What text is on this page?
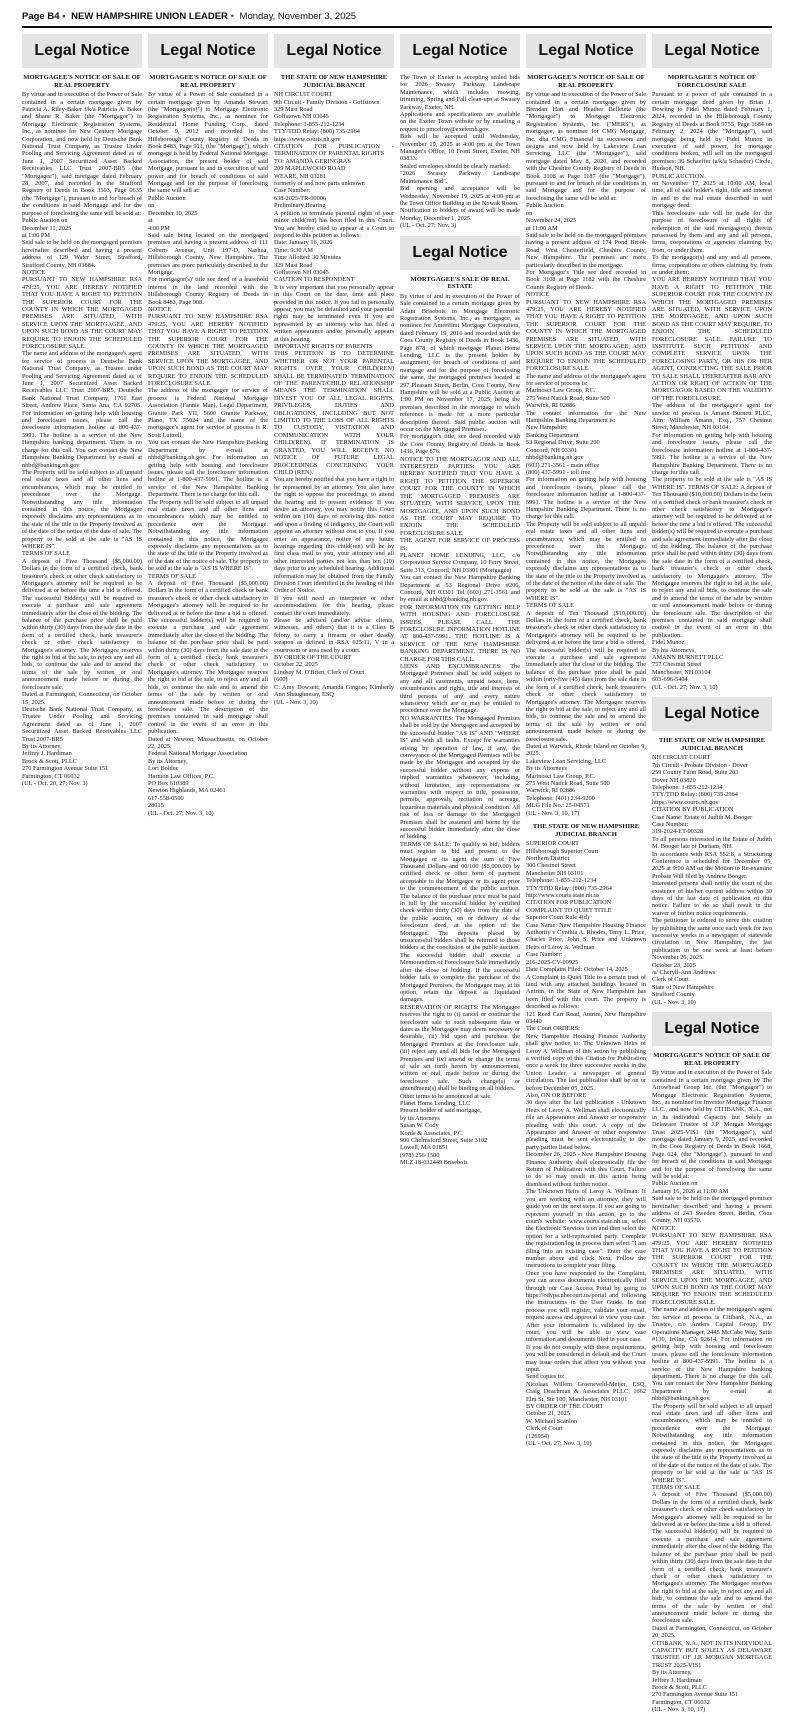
Page B4 ▪ NEW HAMPSHIRE UNION LEADER • Monday, November 3, 2025
Legal Notice
MORTGAGEE'S NOTICE OF SALE OF REAL PROPERTY
By virtue and in execution of the Power of Sale contained in a certain mortgage given by Patricia A. Riley-Baker f/k/a Patricia A. Baker and Shane R. Baker (the "Mortgagor") to Mortgage Electronic Registration Systems, Inc., as nominee for New Century Mortgage Corporation, and now held by Deutsche Bank National Trust Company, as Trustee Under Pooling and Servicing Agreement dated as of June 1, 2007 Securitized Asset Backed Receivables LLC Trust 2007-BR5 (the "Mortgagee"), said mortgage dated February 28, 2007, and recorded in the Strafford Registry of Deeds in Book 3503, Page 0635 (the "Mortgage"), pursuant to and for breach of the conditions in said Mortgage and for the purpose of foreclosing the same will be sold at:
Public Auction on
December 11, 2025
at 1:00 PM
Said sale to be held on the mortgaged premises hereinafter described and having a present address of 129 Water Street, Strafford, Strafford County, NH 03884.
NOTICE
PURSUANT TO NEW HAMPSHIRE RSA 479:25, YOU ARE HEREBY NOTIFIED THAT YOU HAVE A RIGHT TO PETITION THE SUPERIOR COURT FOR THE COUNTY IN WHICH THE MORTGAGED PREMISES ARE SITUATED, WITH SERVICE UPON THE MORTGAGEE, AND UPON SUCH BOND AS THE COURT MAY REQUIRE TO ENJOIN THE SCHEDULED FORECLOSURE SALE.
The name and address of the mortgagee's agent for service of process is Deutsche Bank National Trust Company, as Trustee under Pooling and Servicing Agreement dated as of June 1, 2007 Securitized Asset Backed Receivables LLC Trust 2007-BR5, Deutsche Bank National Trust Company, 1761 East Street, Andrew Place, Santa Ana, CA 92705. For information on getting help with housing and foreclosure issues, please call the foreclosure information hotline at 800-437-5991. The hotline is a service of the New Hampshire banking department. There is no charge for this call. You can contact the New Hampshire Banking Department by e-mail at nhbd@banking.nh.gov.
The Property will be sold subject to all unpaid real estate taxes and all other liens and encumbrances, which may be entitled to precedence over the Mortgage. Notwithstanding any title information contained in this notice, the Mortgagee expressly disclaims any representations as to the state of the title to the Property involved as of the date of the notice of the date of sale. The property to be sold at the sale is "AS IS WHERE IS".
TERMS OF SALE
A deposit of Five Thousand ($5,000.00) Dollars in the form of a certified check, bank treasurer's check or other check satisfactory to Mortgagee's attorney will be required to be delivered at or before the time a bid is offered. The successful bidder(s) will be required to execute a purchase and sale agreement immediately after the close of the bidding. The balance of the purchase price shall be paid within thirty (30) days from the sale date in the form of a certified check, bank treasurer's check or other check satisfactory to Mortgagee's attorney. The Mortgagee reserves the right to bid at the sale, to reject any and all bids, to continue the sale and to amend the terms of the sale by written or oral announcement made before or during the foreclosure sale.
Dated at Farmington, Connecticut, on October 15, 2025.
Deutsche Bank National Trust Company, as Trustee Under Pooling and Servicing Agreement dated as of June 1, 2007 Securitized Asset Backed Receivables LLC Trust 2007-BR5
By its Attorney,
Jeffrey J. Hardiman
Brock & Scott, PLLC
270 Farmington Avenue Suite 151
Farmington, CT 06032
(UL - Oct. 20, 27; Nov. 3)
Legal Notice
MORTGAGEE'S NOTICE OF SALE OF REAL PROPERTY
By virtue of a Power of Sale contained in a certain mortgage given by Amanda Stewart (the "Mortgagor(s)") to Mortgage Electronic Registration Systems, Inc., as nominee for Residential Home Funding Corp., dated October 9, 2012 and recorded in the Hillsborough County Registry of Deeds in Book 8483, Page 911, (the "Mortgage"), which mortgage is held by Federal National Mortgage Association, the present holder of said Mortgage, pursuant to and in execution of said power and for breach of conditions of said Mortgage and for the purpose of foreclosing the same will sell at:
Public Auction
on
December 10, 2025
at
4:00 PM
Said sale being located on the mortgaged premises and having a present address of 111 Coburn Avenue, Unit 197-D, Nashua, Hillsborough County, New Hampshire. The premises are more particularly described in the Mortgage.
For mortgagor(s)' title see deed of a leasehold interest in the land recorded with the Hillsborough County Registry of Deeds in Book 8483, Page 908.
NOTICE
PURSUANT TO NEW HAMPSHIRE RSA 479:25, YOU ARE HEREBY NOTIFIED THAT YOU HAVE A RIGHT TO PETITION THE SUPERIOR COURT FOR THE COUNTY IN WHICH THE MORTGAGED PREMISES ARE SITUATED, WITH SERVICE UPON THE MORTGAGEE, AND UPON SUCH BOND AS THE COURT MAY REQUIRE TO ENJOIN THE SCHEDULED FORECLOSURE SALE.
The address of the mortgagee for service of process is Federal National Mortgage Association (Fannie Mae), Legal Department, Granite Park VII, 5600 Granite Parkway, Plano, TX 75024 and the name of the mortgagee's agent for service of process is R. Scott Luttrell.
You can contact the New Hampshire Banking Department by e-mail at nhbd@banking.nh.gov. For information on getting help with housing and foreclosure issues, please call the foreclosure information hotline at 1-800-437-5991. The hotline is a service of the New Hampshire Banking Department. There is no charge for this call.
The Property will be sold subject to all unpaid real estate taxes and all other liens and encumbrances which may be entitled to precedence over the Mortgage. Notwithstanding any title information contained in this notice, the Mortgagee expressly disclaims any representations as to the state of the title to the Property involved as of the date of the notice of sale. The property to be sold at the sale is "AS IS WHERE IS".
TERMS OF SALE
A deposit of Five Thousand ($5,000.00) Dollars in the form of a certified check or bank treasurer's check or other check satisfactory to Mortgagee's attorney will be required to be delivered at or before the time a bid is offered. The successful bidder(s) will be required to execute a purchase and sale agreement immediately after the close of the bidding. The balance of the purchase price shall be paid within thirty (30) days from the sale date in the form of a certified check, bank treasurer's check or other check satisfactory to Mortgagee's attorney. The Mortgagee reserves the right to bid at the sale, to reject any and all bids, to continue the sale and to amend the terms of the sale by written or oral announcement made before or during the foreclosure sale. The description of the premises contained in said mortgage shall control in the event of an error in this publication.
Dated at Newton, Massachusetts, on October 22, 2025.
Federal National Mortgage Association
By its Attorney,
Lori Bolduc
Harmon Law Offices, P.C.
PO Box 610389
Newton Highlands, MA 02461
617-558-0500
28015
(UL - Oct. 27; Nov. 3, 10)
Legal Notice
THE STATE OF NEW HAMPSHIRE JUDICIAL BRANCH
NH CIRCUIT COURT
9th Circuit - Family Division - Goffstown
329 Mast Road
Goffstown NH 03045
Telephone: 1-855-212-1234
TTY/TDD Relay: (800) 735-2964
https://www.courts.nh.gov
CITATION FOR PUBLICATION - TERMINATION OF PARENTAL RIGHTS
TO: AMANDA GERINGRAS
209 MAPLEWOOD ROAD
WEARE, NH 03281
formerly of and now parts unknown
Case Number:
638-2025-TR-00006
Preliminary Hearing
A petition to terminate parental rights of your minor child(ren) has been filed in this Court. You are hereby cited to appear at a Court to respond to this petition as follows:
Date: January 16, 2026
Time: 9:30 AM
Time Allotted: 30 Minutes
329 Mast Road
Goffstown NH 03045
CAUTION TO RESPONDENT
It is very important that you personally appear in this Court on the date, time and place provided in this notice. If you fail to personally appear, you may be defaulted and your parental rights may be terminated even if you are represented by an attorney who has filed a written appearance and/or personally appears at this hearing.
IMPORTANT RIGHTS OF PARENTS
THIS PETITION IS TO DETERMINE WHETHER OR NOT YOUR PARENTAL RIGHTS OVER YOUR CHILD(REN) SHALL BE TERMINATED. TERMINATION OF THE PARENT/CHILD RELATIONSHIP MEANS THE TERMINATION SHALL DIVEST YOU OF ALL LEGAL RIGHTS, PRIVILEGES, DUTIES AND OBLIGATIONS, INCLUDING BUT NOT LIMITED TO THE LOSS OF ALL RIGHTS TO CUSTODY, VISITATION AND COMMUNICATION WITH YOUR CHILD(REN). IF TERMINATION IS GRANTED, YOU WILL RECEIVE NO NOTICE OF FUTURE LEGAL PROCEEDINGS CONCERNING YOUR CHILD (REN).
You are hereby notified that you have a right to be represented by an attorney. You also have the right to oppose the proceedings, to attend the hearing and to present evidence. If you desire an attorney, you may notify this Court within ten (10) days of receiving this notice and upon a finding of indigency, the Court will appoint an attorney without cost to you. If you enter an appearance, notice of any future hearings regarding this child(ren) will be by first class mail to you, your attorney and all other interested parties not less than ten (10) days prior to any scheduled hearing. Additional information may be obtained from the Family Division Court identified in the heading of this Order of Notice.
If you will need an interpreter or other accommodations for this hearing, please contact the court immediately.
Please be advised (and/or advise clients, witnesses, and others) that it is a Class B felony to carry a firearm or other deadly weapon as defined in RSA 625:11, V in a courtroom or area used by a court.
BY ORDER OF THE COURT
October 22, 2025
Lindsey M. O'Brien, Clerk of Court
(600)
C: Amy Dowsett; Amanda Gingras; Kimberly Ann Shaughnessy, ESQ
(UL - Nov. 3, 10)
Legal Notice
The Town of Exeter is accepting sealed bids for 2026 Swasey Parkway Landscape Maintenance, which includes mowing, trimming, Spring and Fall clean-ups at Swasey Parkway, Exeter, NH.
Applications and specifications are available on the Exeter Town website or by emailing a request to pmcelroy@exeternh.gov.
Bids will be accepted until Wednesday, November 19, 2025 at 4:00 pm at the Town Manager's Office, 10 Front Street, Exeter, NH 03833.
Sealed envelopes should be clearly marked:
"2026 Swasey Parkway Landscape Maintenance Bid".
Bid opening and acceptance will be Wednesday, November 19, 2025 at 4:00 pm at the Town Office Building in the Nowak Room.
Notification to bidders of award will be made Monday, December 1, 2025.
(UL - Oct. 27; Nov. 3)
Legal Notice
MORTGAGEE'S SALE OF REAL ESTATE
By virtue of and in execution of the Power of Sale contained in a certain mortgage given by Adam Brisebois to Mortgage Electronic Registration Systems, Inc., as mortgagee, as nominee for Amerifirst Mortgage Corporation, dated February 19, 2016 and recorded with the Coos County Registry of Deeds in Book 1436, Page 878, of which mortgage Planet Home Lending, LLC is the present holder by assignment, for breach of conditions of said mortgage and for the purpose of foreclosing the same, the mortgaged premises located at 297 Pleasant Street, Berlin, Coos County, New Hampshire will be sold at a Public Auction at 1:00 PM on November 17, 2025, being the premises described in the mortgage to which reference is made for a more particular description thereof. Said public auction will occur on the Mortgaged Premises.
For mortgagor's title, see deed recorded with the Coos County Registry of Deeds in Book 1436, Page 876.
NOTICE TO THE MORTGAGOR AND ALL INTERESTED PARTIES: YOU ARE HEREBY NOTIFIED THAT YOU HAVE A RIGHT TO PETITION THE SUPERIOR COURT FOR THE COUNTY IN WHICH THE MORTGAGED PREMISES ARE SITUATED, WITH SERVICE UPON THE MORTGAGEE, AND UPON SUCH BOND AS THE COURT MAY REQUIRE TO ENJOIN THE SCHEDULED FORECLOSURE SALE.
THE AGENT FOR SERVICE OF PROCESS IS:
PLANET HOME LENDING, LLC, c/o Corporation Service Company, 10 Ferry Street, Suite 313, Concord, NH 03301 (Mortgagee)
You can contact the New Hampshire Banking Department at 53 Regional Drive #200, Concord, NH 03301 Tel (603) 271-3561 and by email at nhbd@banking.nh.gov.
FOR INFORMATION ON GETTING HELP WITH HOUSING AND FORECLOSURE ISSUES, PLEASE CALL THE FORECLOSURE INFORMATION HOTLINE AT 800-437-5991. THE HOTLINE IS A SERVICE OF THE NEW HAMPSHIRE BANKING DEPARTMENT. THERE IS NO CHARGE FOR THIS CALL.
LIENS AND ENCUMBRANCES: The Mortgaged Premises shall be sold subject to any and all easements, unpaid taxes, liens, encumbrances and rights, title and interests of third persons of any and every nature whatsoever which are or may be entitled to precedence over the Mortgage.
NO WARRANTIES: The Mortgaged Premises shall be sold by the Mortgagee and accepted by the successful bidder "AS IS" AND "WHERE IS" and with all faults. Except for warranties arising by operation of law, if any, the conveyance of the Mortgaged Premises will be made by the Mortgagee and accepted by the successful bidder without any express or implied warranties whatsoever, including, without limitation, any representations or warranties with respect to title, possession, permits, approvals, recitation of acreage, hazardous materials and physical condition. All risk of loss or damage to the Mortgaged Premises shall be assumed and borne by the successful bidder immediately after the close of bidding.
TERMS OF SALE: To qualify to bid, bidders must register to bid and present to the Mortgagee or its agent the sum of Five Thousand Dollars and 00/100 ($5,000.00) by certified check or other form of payment acceptable to the Mortgagee or its agent prior to the commencement of the public auction. The balance of the purchase price must be paid in full by the successful bidder by certified check within thirty (30) days from the date of the public auction, on or delivery of the foreclosure deed, at the option of the Mortgagee. The deposits placed by unsuccessful bidders shall be returned to those bidders at the conclusion of the public auction. The successful bidder shall execute a Memorandum of Foreclosure Sale immediately after the close of bidding. If the successful bidder fails to complete the purchase of the Mortgaged Premises, the Mortgagee may, at its option, retain the deposit as liquidated damages.
RESERVATION OF RIGHTS: The Mortgagee reserves the right to (i) cancel or continue the foreclosure sale to such subsequent date or dates as the Mortgagee may deem necessary or desirable, (ii) bid upon and purchase the Mortgaged Premises at the foreclosure sale, (iii) reject any and all bids for the Mortgaged Premises and (iv) amend or change the terms of sale set forth herein by announcement, written or oral, made before or during the foreclosure sale. Such change(s) or amendment(s) shall be binding on all bidders.
Other terms to be announced at sale.
Planet Home Lending, LLC
Present holder of said mortgage,
by its Attorneys
Susan W. Cody
Korde & Associates, P.C.
900 Chelmsford Street, Suite 3102
Lowell, MA 01851
(978) 256-1500
MLZ 18-032449 Brisebois
Legal Notice
MORTGAGEE'S NOTICE OF SALE OF REAL PROPERTY
By virtue and in execution of the Power of Sale contained in a certain mortgage given by Brendan Hart and Heather Belletete (the "Mortgagor") to Mortgage Electronic Registration Systems, Inc. ("MERS"), as mortgagee, as nominee for CMG Mortgage, Inc. dba CMG Financial its successors and assigns and now held by Lakeview Loan Servicing, LLC (the "Mortgagee"), said mortgage dated May 8, 2020, and recorded with the Cheshire County Registry of Deeds in Book 3108 at Page 1187 (the "Mortgage"), pursuant to and for breach of the conditions in said Mortgage and for the purpose of foreclosing the same will be sold at:
Public Auction
on
November 24, 2025
at 11:00 AM
Said sale to be held on the mortgaged premises having a present address of 174 Pond Brook Road, West Chesterfield, Cheshire County, New Hampshire. The premises are more particularly described in the mortgage.
For Mortgagor's Title see deed recorded in Book 3108 at Page 1182 with the Cheshire County Registry of Deeds.
NOTICE
PURSUANT TO NEW HAMPSHIRE RSA 479:25, YOU ARE HEREBY NOTIFIED THAT YOU HAVE A RIGHT TO PETITION THE SUPERIOR COURT FOR THE COUNTY IN WHICH THE MORTGAGED PREMISES ARE SITUATED, WITH SERVICE UPON THE MORTGAGEE, AND UPON SUCH BOND AS THE COURT MAY REQUIRE TO ENJOIN THE SCHEDULED FORECLOSURE SALE.
The name and address of the mortgagee's agent for service of process is:
Marinosci Law Group, P.C.
275 West Natick Road, Suite 500
Warwick, RI 02886
The contact information for the New Hampshire Banking Department is:
New Hampshire
Banking Department
53 Regional Drive, Suite 200
Concord, NH 03301
nhbd@banking.nh.gov
(603) 271-3561 - main office
(800) 437-5991 - toll free
For information on getting help with housing and foreclosure issues, please call the foreclosure information hotline at 1-800-437-5991. The hotline is a service of the New Hampshire Banking Department. There is no charge for this call.
The Property will be sold subject to all unpaid real estate taxes and all other liens and encumbrances, which may be entitled to precedence over the Mortgage. Notwithstanding any title information contained in this notice, the Mortgagee expressly disclaims any representations as to the state of the title to the Property involved as of the date of the notice of the date of sale. The property to be sold at the sale is "AS IS WHERE IS".
TERMS OF SALE
A deposit of Ten Thousand ($10,000.00) Dollars in the form of a certified check, bank treasurer's check or other check satisfactory to Mortgagee's attorney will be required to be delivered at or before the time a bid is offered. The successful bidder(s) will be required to execute a purchase and sale agreement immediately after the close of the bidding. The balance of the purchase price shall be paid within forty-five (45) days from the sale date in the form of a certified check, bank treasurer's check or other check satisfactory to Mortgagee's attorney. The Mortgagee reserves the right to bid at the sale, to reject any and all bids, to continue the sale and to amend the terms of the sale by written or oral announcement made before or during the foreclosure sale.
Dated at Warwick, Rhode Island on October 9, 2025.
Lakeview Loan Servicing, LLC
By its Attorneys
Marinosci Law Group, P.C.
275 West Natick Road, Suite 500
Warwick, RI 02886
Telephone: (401) 234-9200
MLG File No.: 25-04571
(UL - Nov. 3, 10, 17)
THE STATE OF NEW HAMPSHIRE JUDICIAL BRANCH
SUPERIOR COURT
Hillsborough Superior Court
Northern District
300 Chestnut Street
Manchester NH 03101
Telephone: 1-855-212-1234
TTY/TDD Relay: (800) 735-2964
http://www.courts.state.nh.us
CITATION FOR PUBLICATION
COMPLAINT TO QUIET TITLE
Superior Court Rule 4(d)
Case Name: New Hampshire Housing Finance Authority v Cynthia A. Rhodes, Terry L. Price, Charles Price, John S. Price and Unknown Heirs of Leroy A. Wellman
Case Number:
216-2025-CV-00925
Date Complaint Filed: October 14, 2025
A Complaint to Quiet Title to a certain tract of land with any attached buildings located in Antrim, in the State of New Hampshire has been filed with this court. The property is described as follows:
121 Reed Carr Road, Antrim, New Hampshire 03440
The Court ORDERS:
New Hampshire Housing Finance Authority shall give notice to: The Unknown Heirs of Leroy A. Wellman of this action by publishing a verified copy of this Citation for Publication once a week for three successive weeks in the Union Leader, a newspaper of general circulation. The last publication shall be on or before December 05, 2025.
Also, ON OR BEFORE
30 days after the last publication - Unknown Heirs of Leroy A. Wellman shall electronically file an Appearance and Answer or responsive pleading with this court. A copy of the Appearance and Answer or other responsive pleading must be sent electronically to the party/parties listed below.
December 26, 2025 - New Hampshire Housing Finance Authority shall electronically file the Return of Publication with this Court. Failure to do so may result in this action being dismissed without further notice.
The Unknown Heirs of Leroy A. Wellman: If you are working with an attorney, they will guide you on the next steps. If you are going to represent yourself in this action, go to the court's website: www.courts.state.nh.us, select the Electronic Services icon and then select the option for a self-represented party. Complete the registration/log in process then select "I am filing into an existing case". Enter the case number above and click Next. Follow the instructions to complete your filing.
Once you have responded to the Complaint, you can access documents electronically filed through our Case Access Portal by going to https://odypa.nhecourt.us/portal and following the instructions in the User Guide. In that process you will register, validate your email, request access and approval to view your case. After your information is validated by the court, you will be able to view case information and documents filed in your case.
If you do not comply with these requirements, you will be considered in default and the Court may issue orders that affect you without your input.
Send copies to:
Nicolaas Willem Groeneveld-Meijer, ESQ, Craig Deachman & Associates PLLC, 1662 Elm St, Ste 100, Manchester, NH 03101
BY ORDER OF THE COURT
October 21, 2025
W. Michael Scanlon
Clerk of Court
(126954)
(UL - Oct. 27; Nov. 3, 10)
Legal Notice
MORTGAGEE'S NOTICE OF FORECLOSURE SALE
Pursuant to a power of sale contained in a certain mortgage deed given by Brian J. Dowling to Fidel Munoz dated February 1, 2024, recorded in the Hillsborough County Registry of Deeds at Book 9755, Page 1684 on February 2, 2024 (the "Mortgage"), said mortgage being held by Fidel Munoz in execution of said power, for mortgage conditions broken, will sell on the mortgaged premises: 30 Schaeffer (a/k/a Schaefer) Circle, Hudson, NH.
PUBLIC AUCTION
on November 17, 2025 at 10:00 AM, local time, all of said holder's right, title and interest in and to the real estate described in said mortgage deed.
This foreclosure sale will be made for the purpose of foreclosure of all rights of redemption of the said mortgagor(s) therein possessed by them and any and all persons, firms, corporations or agencies claiming by, from, or under them.
To the mortgagor(s) and any and all persons, firms, corporations or others claiming by, from or under them:
YOU ARE HEREBY NOTIFIED THAT YOU HAVE A RIGHT TO PETITION THE SUPERIOR COURT FOR THE COUNTY IN WHICH THE MORTGAGED PREMISES ARE SITUATED, WITH SERVICE UPON THE MORTGAGEE, AND UPON SUCH BOND AS THE COURT MAY REQUIRE, TO ENJOIN THE SCHEDULED FORECLOSURE SALE. FAILURE TO INSTITUTE SUCH PETITION AND COMPLETE SERVICE UPON THE FORECLOSING PARTY, OR HIS OR HER AGENT, CONDUCTING THE SALE PRIOR TO SALE SHALL THEREAFTER BAR ANY ACTION OR RIGHT OF ACTION OF THE MORTGAGOR BASED ON THE VALIDITY OF THE FORECLOSURE.
The address of the mortgagee's agent for service of process is Amann Burnett PLLC, Attn: William Amann, Esq., 757 Chestnut Street, Manchester, NH 03104.
For information on getting help with housing and foreclosure issues, please call the foreclosure information hotline at 1-800-437-5991. The hotline is a service of the New Hampshire Banking Department. There is no charge for this call.
The property to be sold at the sale is "AS IS WHERE IS". TERMS OF SALE: A deposit of Ten Thousand ($10,000.00) Dollars in the form of a certified check or bank treasurer's check or other check satisfactory to Mortgagee's attorney will be required to be delivered at or before the time a bid is offered. The successful bidder(s) will be required to execute a purchase and sale agreement immediately after the close of the bidding. The balance of the purchase price shall be paid within thirty (30) days from the sale date in the form of a certified check, bank treasurer's check or other check satisfactory to Mortgagee's attorney. The Mortgagee reserves the right to bid at the sale, to reject any and all bids, to continue the sale and to amend the terms of the sale by written or oral announcement made before or during the foreclosure sale. The description of the premises contained in said mortgage shall control in the event of an error in this publication.
Fidel Munoz
By his Attorneys,
AMANN BURNETT PLLC
757 Chestnut Street
Manchester, NH 03104
603-696-5404
(UL - Oct. 27; Nov. 3, 10)
Legal Notice
THE STATE OF NEW HAMPSHIRE JUDICIAL BRANCH
NH CIRCUIT COURT
7th Circuit - Probate Division - Dover
259 County Farm Road, Suite 203
Dover NH 03820
Telephone: 1-855-212-1234
TTY/TDD Relay: (800) 735-2964
https://www.courts.nh.gov
CITATION BY PUBLICATION
Case Name: Estate of Judith M. Booger
Case Number:
319-2024-ET-00328
To all persons interested in the Estate of Judith M. Booger late of Durham, NH.
In accordance with RSA 552:8, a Structuring Conference is scheduled for December 05, 2025 at 9:00 AM on the Motion to Re-examine Probate Will filed by Andrew Booger.
Interested persons shall notify the court of the existence of his/her current address within 30 days of the last date of publication of this notice. Failure to do so shall result in the waiver of further notice requirements.
The petitioner is ordered to serve this citation by publishing the same once each week for two successive weeks in a newspaper of statewide circulation in New Hampshire, the last publication to be one week at least before November 26, 2025.
October 23, 2025
/s/ Cheryll-Ann Andrews
Clerk of Court
State of New Hampshire
Strafford County
(UL - Nov. 3, 10)
Legal Notice
MORTGAGEE'S NOTICE OF SALE OF REAL PROPERTY
By virtue and in execution of the Power of Sale contained in a certain mortgage given by The Arrowhead Group Inc. (the "Mortgagor") to Mortgage Electronic Registration Systems, Inc., as nominee for Investor Mortgage Finance LLC., and now held by CITIBANK, N.A., not in its individual Capacity but Solely as Delaware Trustee of J.P. Morgan Mortgage Trust 2025-VIS1 (the "Mortgagee"), said mortgage dated January 9, 2025, and recorded in the Coos Registry of Deeds in Book 1668, Page 624, (the "Mortgage"), pursuant to and for breach of the conditions in said Mortgage and for the purpose of foreclosing the same will be sold at:
Public Auction on
January 16, 2026 at 11:00 AM
Said sale to be held on the mortgaged premises hereinafter described and having a present address of 243 Sweden Street, Berlin, Coos County, NH 03570.
NOTICE
PURSUANT TO NEW HAMPSHIRE RSA 479:25, YOU ARE HEREBY NOTIFIED THAT YOU HAVE A RIGHT TO PETITION THE SUPERIOR COURT FOR THE COUNTY IN WHICH THE MORTGAGED PREMISES ARE SITUATED, WITH SERVICE UPON THE MORTGAGEE, AND UPON SUCH BOND AS THE COURT MAY REQUIRE TO ENJOIN THE SCHEDULED FORECLOSURE SALE.
The name and address of the mortgagee's agent for service of process is Citibank, N.A., as Trustee, c/o Anders Capital Group, DV Operations Manager, 2445 McCabe Way, Suite #130, Irvine, CA 92614. For information on getting help with housing and foreclosure issues, please call the foreclosure information hotline at 800-437-5991. The hotline is a service of the New Hampshire banking department. There is no charge for this call. You can contact the New Hampshire Banking Department by e-mail at nhbd@banking.nh.gov.
The Property will be sold subject to all unpaid real estate taxes and all other liens and encumbrances, which may be entitled to precedence over the Mortgage. Notwithstanding any title information contained in this notice, the Mortgagee expressly disclaims any representations as to the state of the title to the Property involved as of the date of the notice of the date of sale. The property to be sold at the sale is "AS IS WHERE IS".
TERMS OF SALE
A deposit of Five Thousand ($5,000.00) Dollars in the form of a certified check, bank treasurer's check or other check satisfactory to Mortgagee's attorney will be required to be delivered at or before the time a bid is offered. The successful bidder(s) will be required to execute a purchase and sale agreement immediately after the close of the bidding. The balance of the purchase price shall be paid within thirty (30) days from the sale date in the form of a certified check, bank treasurer's check or other check satisfactory to Mortgagee's attorney. The Mortgagee reserves the right to bid at the sale, to reject any and all bids, to continue the sale and to amend the terms of the sale by written or oral announcement made before or during the foreclosure sale.
Dated at Farmington, Connecticut, on October 20, 2025.
CITIBANK, N.A., NOT IN ITS INDIVIDUAL CAPACITY BUT SOLELY AS DELAWARE TRUSTEE OF J.P. MORGAN MORTGAGE TRUST 2025-VIS1
By its Attorney,
Jeffrey J. Hardiman
Brock & Scott, PLLC
270 Farmington Avenue Suite 151
Farmington, CT 06032
(UL - Nov. 3, 10, 17)
